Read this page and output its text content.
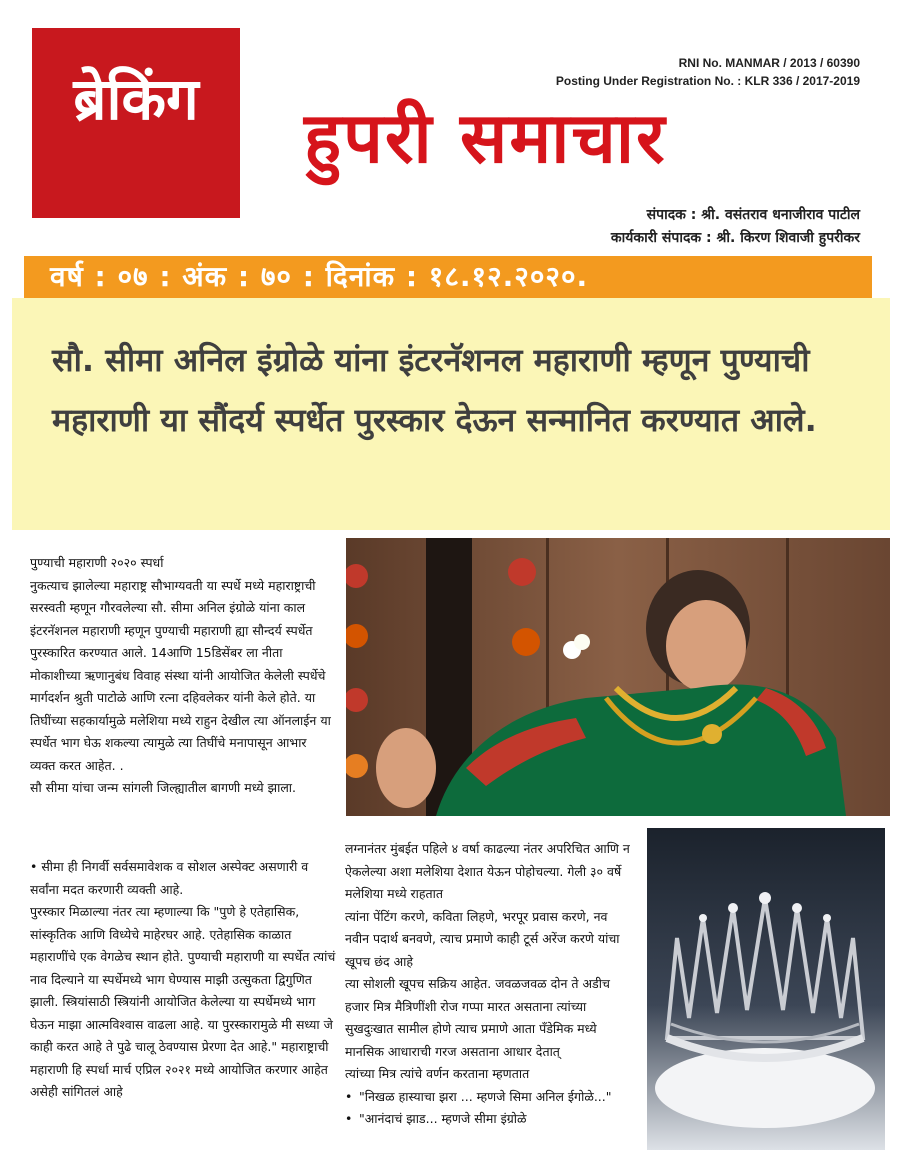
ब्रेकिंग
RNI No. MANMAR / 2013 / 60390
Posting Under Registration No. : KLR 336 / 2017-2019
हुपरी समाचार
संपादक : श्री. वसंतराव धनाजीराव पाटील
कार्यकारी संपादक : श्री. किरण शिवाजी हुपरीकर
वर्ष : ०७ : अंक : ७० : दिनांक : १८.१२.२०२०.
सौ. सीमा अनिल इंग्रोळे यांना इंटरनॅशनल महाराणी म्हणून पुण्याची महाराणी या सौंदर्य स्पर्धेत पुरस्कार देऊन सन्मानित करण्यात आले.

पुण्याची महाराणी २०२० स्पर्धा

नुकत्याच झालेल्या महाराष्ट्र सौभाग्यवती या स्पर्धे मध्ये महाराष्ट्राची सरस्वती म्हणून गौरवलेल्या सौ. सीमा अनिल इंग्रोळे यांना काल इंटरनॅशनल महाराणी म्हणून पुण्याची महाराणी ह्या सौन्दर्य स्पर्धेत पुरस्कारित करण्यात आले. 14आणि 15डिसेंबर ला नीता मोकाशीच्या ऋणानुबंध विवाह संस्था यांनी आयोजित केलेली स्पर्धेचे मार्गदर्शन श्रुती पाटोळे आणि रत्ना दहिवलेकर यांनी केले होते. या तिघींच्या सहकार्यामुळे मलेशिया मध्ये राहुन देखील त्या ऑनलाईन या स्पर्धेत भाग घेऊ शकल्या त्यामुळे त्या तिघींचे मनापासून आभार व्यक्त करत आहेत. .

सौ सीमा यांचा जन्म सांगली जिल्ह्यातील बागणी मध्ये झाला.

• सीमा ही निगर्वी सर्वसमावेशक व सोशल अस्पेक्ट असणारी व सर्वांना मदत करणारी व्यक्ती आहे.

पुरस्कार मिळाल्या नंतर त्या म्हणाल्या कि "पुणे हे एतेहासिक, सांस्कृतिक आणि विध्येचे माहेरघर आहे. एतेहासिक काळात महाराणींचे एक वेगळेच स्थान होते. पुण्याची महाराणी या स्पर्धेत त्यांचं नाव दिल्याने या स्पर्धेमध्ये भाग घेण्यास माझी उत्सुकता द्विगुणित झाली. स्त्रियांसाठी स्त्रियांनी आयोजित केलेल्या या स्पर्धेमध्ये भाग घेऊन माझा आत्मविश्वास वाढला आहे. या पुरस्कारामुळे मी सध्या जे काही करत आहे ते पुढे चालू ठेवण्यास प्रेरणा देत आहे." महाराष्ट्राची महाराणी हि स्पर्धा मार्च एप्रिल २०२१ मध्ये आयोजित करणार आहेत असेही सांगितलं आहे

लग्नानंतर मुंबईत पहिले ४ वर्षा काढल्या नंतर अपरिचित आणि न ऐकलेल्या अशा मलेशिया देशात येऊन पोहोचल्या. गेली ३० वर्षे मलेशिया मध्ये राहतात

त्यांना पेंटिंग करणे, कविता लिहणे, भरपूर प्रवास करणे, नव नवीन पदार्थ बनवणे, त्याच प्रमाणे काही टूर्स अरेंज करणे यांचा खूपच छंद आहे

त्या सोशली खूपच सक्रिय आहेत. जवळजवळ दोन ते अडीच हजार मित्र मैत्रिणींशी रोज गप्पा मारत असताना त्यांच्या सुखदुःखात सामील होणे त्याच प्रमाणे आता पँडेमिक मध्ये मानसिक आधाराची गरज असताना आधार देतात्

त्यांच्या मित्र त्यांचे वर्णन करताना म्हणतात

• "निखळ हास्याचा झरा ... म्हणजे सिमा अनिल ईगोळे..."

• "आनंदाचं झाड... म्हणजे सीमा इंग्रोळे
